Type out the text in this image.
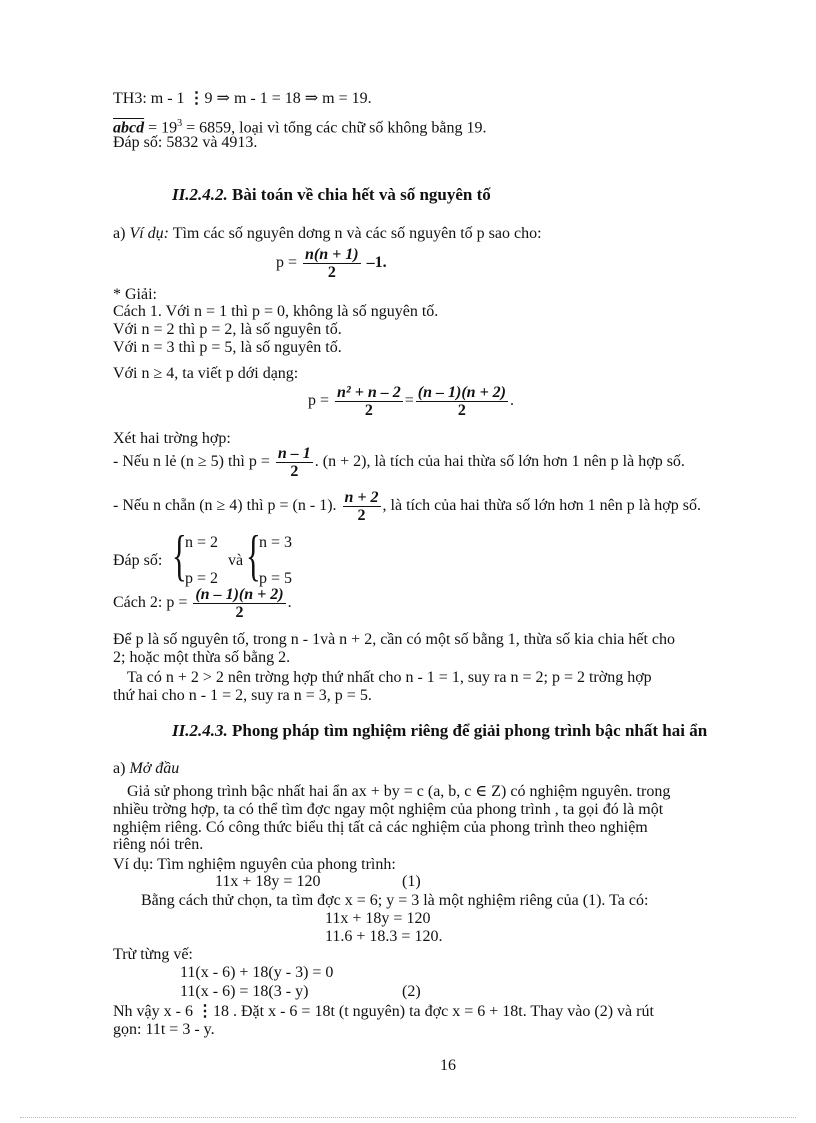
TH3: m - 1 ⋮9 ⇒ m - 1 = 18 ⇒ m = 19.
abcd = $19^3 = 6859$, loại vì tổng các chữ số không bằng 19.
Đáp số: 5832 và 4913.
II.2.4.2. Bài toán về chia hết và số nguyên tố
a) Ví dụ: Tìm các số nguyên dơng n và các số nguyên tố p sao cho:
$p = \frac{n(n + 1)}{2} -1$.
* Giải:
Cách 1. Với n = 1 thì p = 0, không là số nguyên tố.
Với n = 2 thì p = 2, là số nguyên tố.
Với n = 3 thì p = 5, là số nguyên tố.
Với n ≥ 4, ta viết p dới dạng:
$p = \frac{\text{n² + n – 2}}{2} = \frac{(n - 1)(n + 2)}{2}$ .
Xét hai trờng hợp:
- Nếu n lẻ (n ≥ 5) thì $p = \frac{n - 1}{2}$ . (n + 2), là tích của hai thừa số lớn hơn 1 nên p là hợp số.
- Nếu n chẵn (n ≥ 4) thì p = (n - 1). $\frac{n + 2}{2}$ , là tích của hai thừa số lớn hơn 1 nên p là hợp số.
Đáp số: {
n = 2
p = 2
và {
n = 3
p = 5
Cách 2: $p = \frac{(n - 1)(n + 2)}{2}$ .
Để p là số nguyên tố, trong n - 1và n + 2, cần có một số bằng 1, thừa số kia chia hết cho
2; hoặc một thừa số bằng 2.
Ta có n + 2 > 2 nên trờng hợp thứ nhất cho n - 1 = 1, suy ra n = 2; p = 2 trờng hợp
thứ hai cho n - 1 = 2, suy ra n = 3, p = 5.
II.2.4.3. Phong pháp tìm nghiệm riêng để giải phong trình bậc nhất hai ẩn
a) Mở đầu
Giả sử phong trình bậc nhất hai ẩn ax + by = c (a, b, c ∈ Z) có nghiệm nguyên. trong
nhiều trờng hợp, ta có thể tìm đợc ngay một nghiệm của phong trình , ta gọi đó là một
nghiệm riêng. Có công thức biểu thị tất cả các nghiệm của phong trình theo nghiệm
riêng nói trên.
Ví dụ: Tìm nghiệm nguyên của phong trình:
11x + 18y = 120	(1)
Bằng cách thử chọn, ta tìm đợc x = 6; y = 3 là một nghiệm riêng của (1). Ta có:
11x + 18y = 120
11.6 + 18.3 = 120.
Trừ từng vế:
11(x - 6) + 18(y - 3) = 0
11(x - 6) = 18(3 - y)	(2)
Nh vậy x - 6 ⋮18 . Đặt x - 6 = 18t (t nguyên) ta đợc x = 6 + 18t. Thay vào (2) và rút
gọn: 11t = 3 - y.
16
